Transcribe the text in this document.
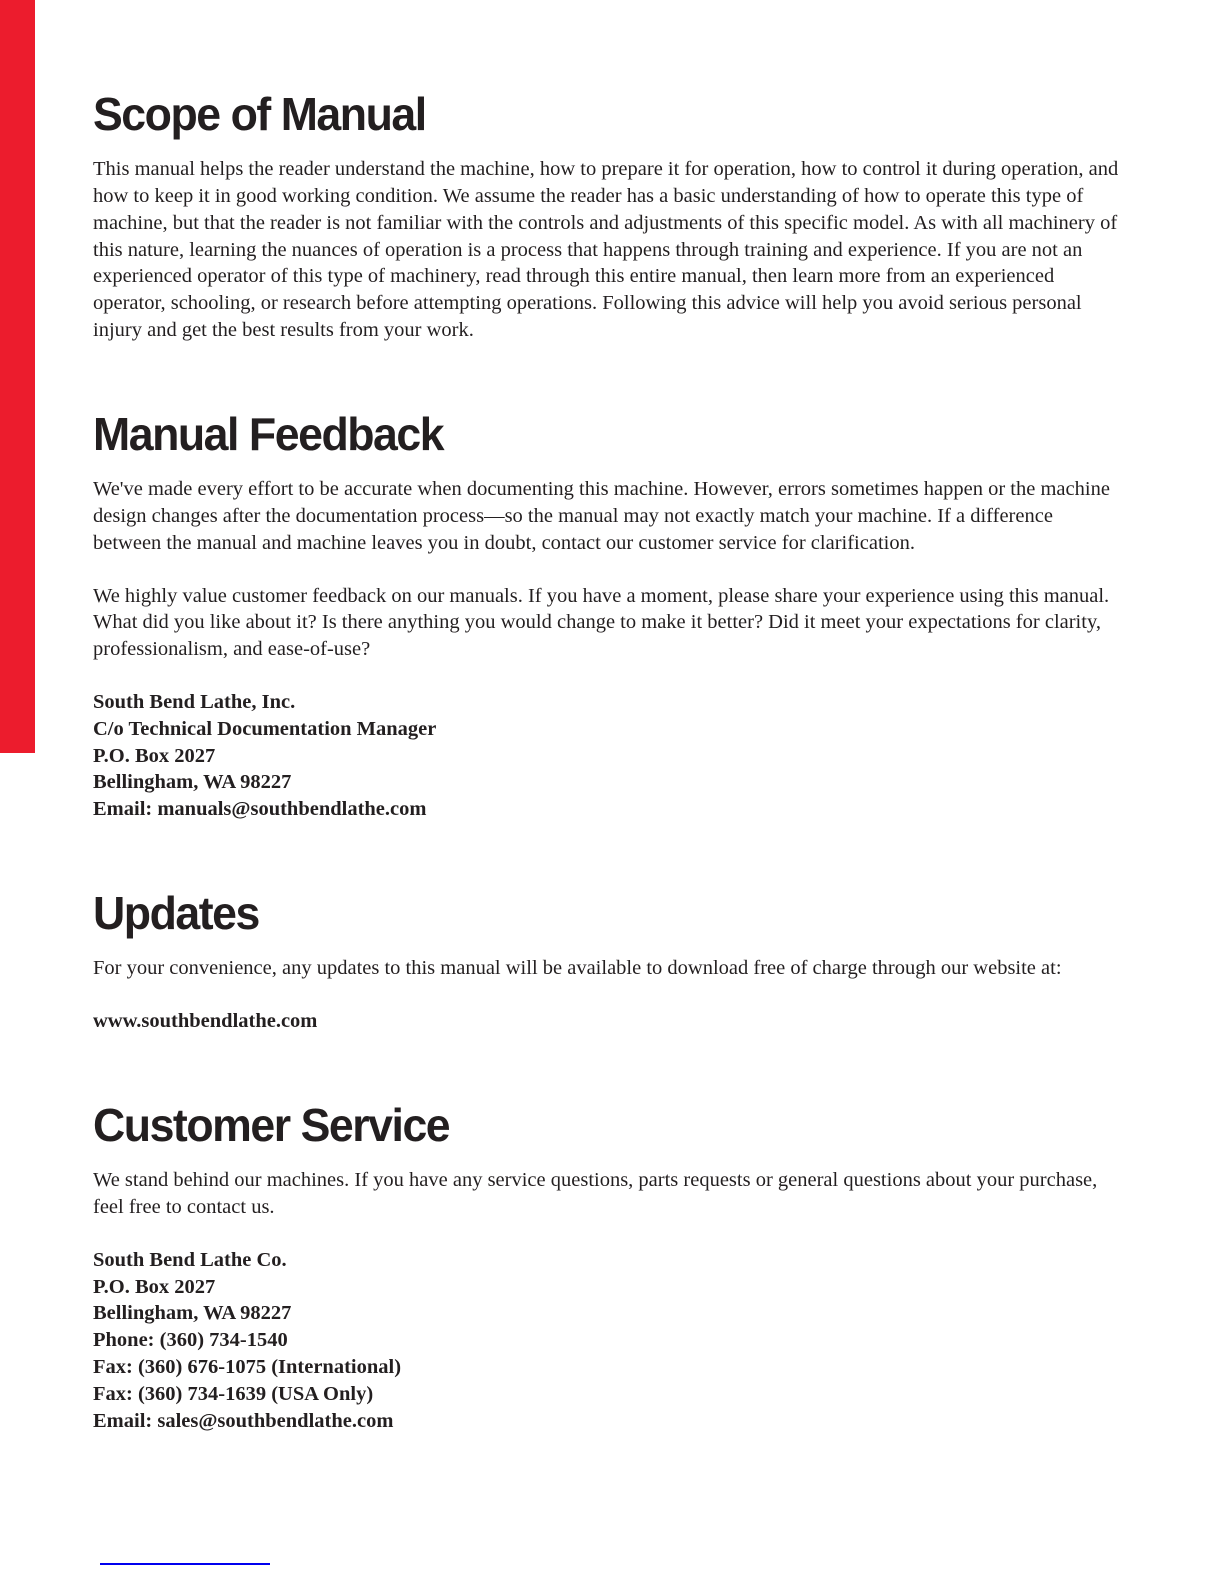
Scope of Manual

This manual helps the reader understand the machine, how to prepare it for operation, how to control it during operation, and how to keep it in good working condition. We assume the reader has a basic understanding of how to operate this type of machine, but that the reader is not familiar with the controls and adjustments of this specific model. As with all machinery of this nature, learning the nuances of operation is a process that happens through training and experience. If you are not an experienced operator of this type of machinery, read through this entire manual, then learn more from an experienced operator, schooling, or research before attempting operations. Following this advice will help you avoid serious personal injury and get the best results from your work.

Manual Feedback

We've made every effort to be accurate when documenting this machine. However, errors sometimes happen or the machine design changes after the documentation process—so the manual may not exactly match your machine. If a difference between the manual and machine leaves you in doubt, contact our customer service for clarification.

We highly value customer feedback on our manuals. If you have a moment, please share your experience using this manual. What did you like about it? Is there anything you would change to make it better? Did it meet your expectations for clarity, professionalism, and ease-of-use?

South Bend Lathe, Inc.
C/o Technical Documentation Manager
P.O. Box 2027
Bellingham, WA 98227
Email: manuals@southbendlathe.com
Updates

For your convenience, any updates to this manual will be available to download free of charge through our website at:

www.southbendlathe.com
Customer Service

We stand behind our machines. If you have any service questions, parts requests or general questions about your purchase, feel free to contact us.

South Bend Lathe Co.
P.O. Box 2027
Bellingham, WA 98227
Phone: (360) 734-1540
Fax: (360) 676-1075 (International)
Fax: (360) 734-1639 (USA Only)
Email: sales@southbendlathe.com
